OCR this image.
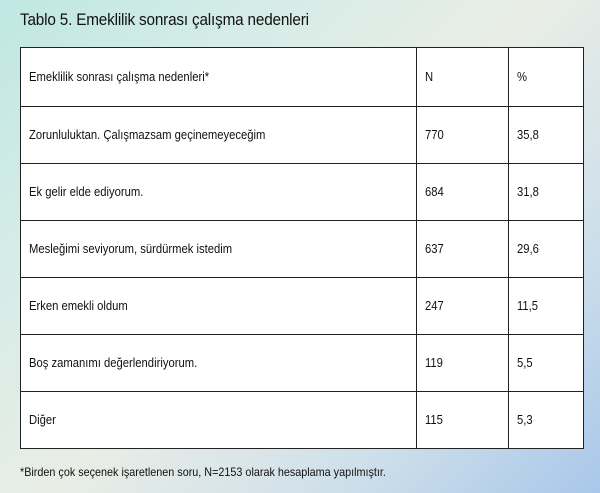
Tablo 5. Emeklilik sonrası çalışma nedenleri
Emeklilik sonrası çalışma nedenleri*	N	%
Zorunluluktan. Çalışmazsam geçinemeyeceğim	770	35,8
Ek gelir elde ediyorum.	684	31,8
Mesleğimi seviyorum, sürdürmek istedim	637	29,6
Erken emekli oldum	247	11,5
Boş zamanımı değerlendiriyorum.	119	5,5
Diğer	115	5,3
*Birden çok seçenek işaretlenen soru, N=2153 olarak hesaplama yapılmıştır.
